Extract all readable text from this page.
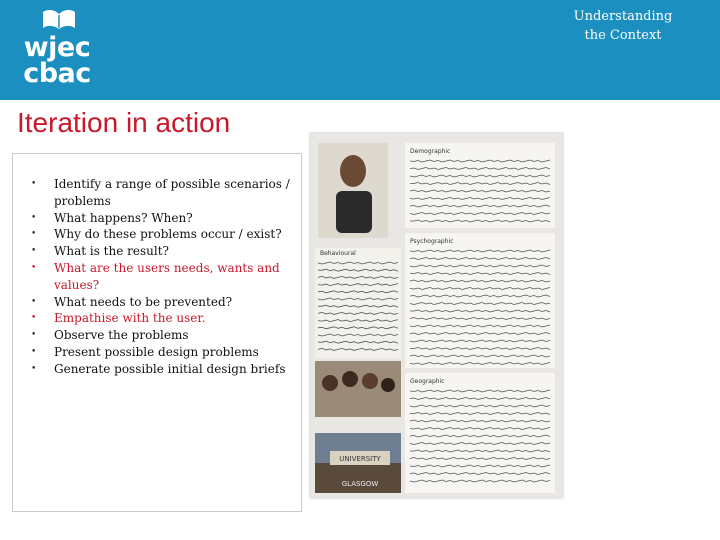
wjec
cbac
Understanding
the Context
Iteration in action
•	Identify a range of possible scenarios / problems
•	What happens? When?
•	Why do these problems occur / exist?
•	What is the result?
•	What are the users needs, wants and values?
•	What needs to be prevented?
•	Empathise with the user.
•	Observe the problems
•	Present possible design problems
•	Generate possible initial design briefs
UNIVERSITY
GLASGOW
Demographic
Psychographic
Geographic
Behavioural
